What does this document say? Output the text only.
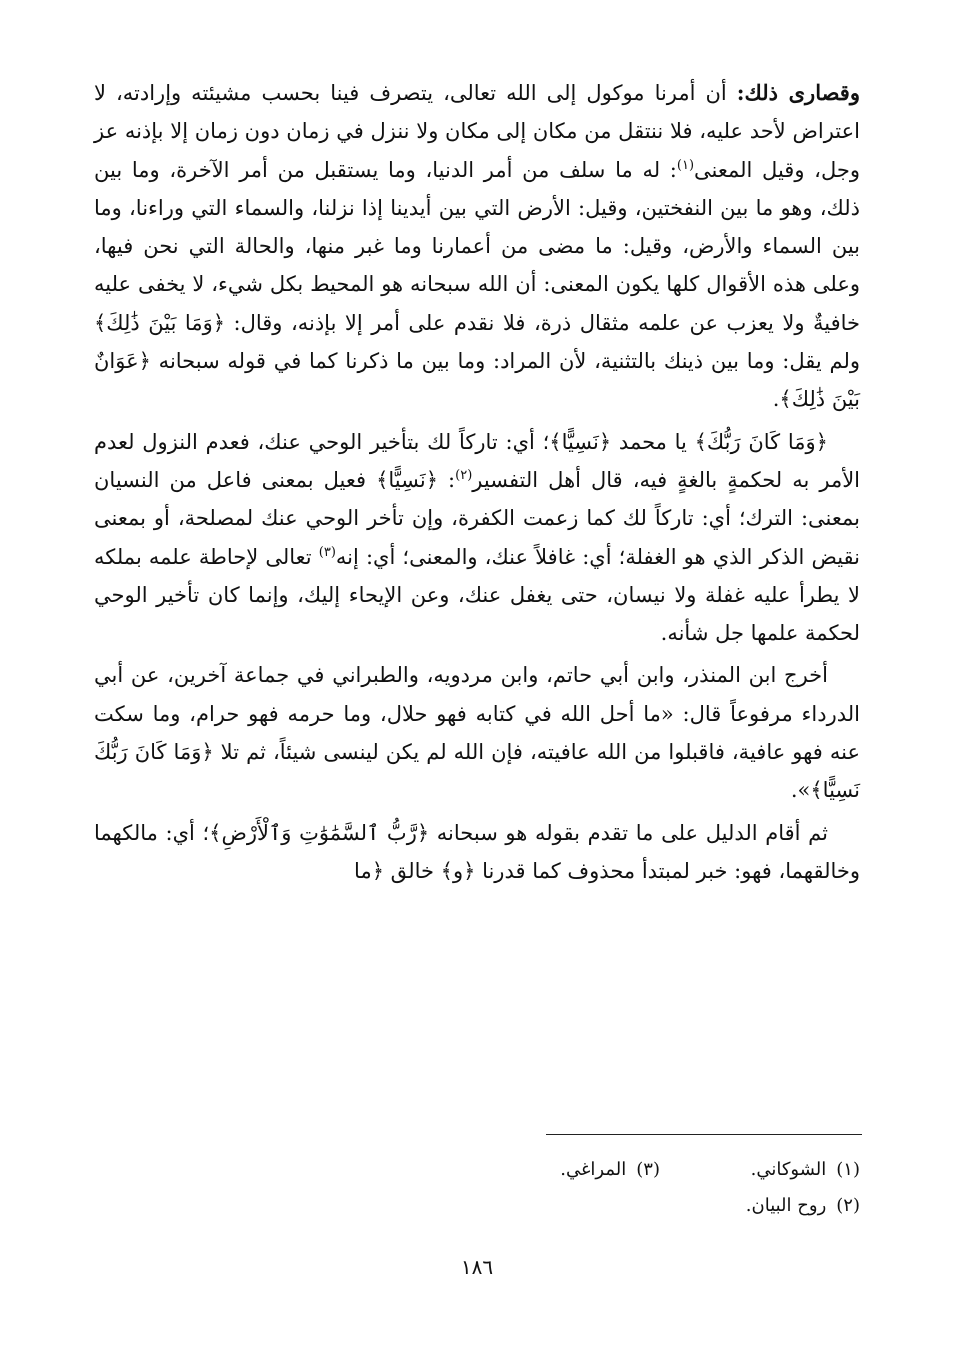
وقصارى ذلك: أن أمرنا موكول إلى الله تعالى، يتصرف فينا بحسب مشيئته وإرادته، لا اعتراض لأحد عليه، فلا ننتقل من مكان إلى مكان ولا ننزل في زمان دون زمان إلا بإذنه عز وجل، وقيل المعنى$^{(١)}$: له ما سلف من أمر الدنيا، وما يستقبل من أمر الآخرة، وما بين ذلك، وهو ما بين النفختين، وقيل: الأرض التي بين أيدينا إذا نزلنا، والسماء التي وراءنا، وما بين السماء والأرض، وقيل: ما مضى من أعمارنا وما غبر منها، والحالة التي نحن فيها، وعلى هذه الأقوال كلها يكون المعنى: أن الله سبحانه هو المحيط بكل شيء، لا يخفى عليه خافيةٌ ولا يعزب عن علمه مثقال ذرة، فلا نقدم على أمر إلا بإذنه، وقال: ﴿وَمَا بَيْنَ ذَٰلِكَ﴾ ولم يقل: وما بين ذينك بالتثنية، لأن المراد: وما بين ما ذكرنا كما في قوله سبحانه ﴿عَوَانٌ بَيْنَ ذَٰلِكَ﴾.

﴿وَمَا كَانَ رَبُّكَ﴾ يا محمد ﴿نَسِيًّا﴾؛ أي: تاركاً لك بتأخير الوحي عنك، فعدم النزول لعدم الأمر به لحكمةٍ بالغةٍ فيه، قال أهل التفسير$^{(٢)}$: ﴿نَسِيًّا﴾ فعيل بمعنى فاعل من النسيان بمعنى: الترك؛ أي: تاركاً لك كما زعمت الكفرة، وإن تأخر الوحي عنك لمصلحة، أو بمعنى نقيض الذكر الذي هو الغفلة؛ أي: غافلاً عنك، والمعنى؛ أي: إنه$^{(٣)}$ تعالى لإحاطة علمه بملكه لا يطرأ عليه غفلة ولا نيسان، حتى يغفل عنك، وعن الإيحاء إليك، وإنما كان تأخير الوحي لحكمة علمها جل شأنه.

أخرج ابن المنذر، وابن أبي حاتم، وابن مردويه، والطبراني في جماعة آخرين، عن أبي الدرداء مرفوعاً قال: «ما أحل الله في كتابه فهو حلال، وما حرمه فهو حرام، وما سكت عنه فهو عافية، فاقبلوا من الله عافيته، فإن الله لم يكن لينسى شيئاً، ثم تلا ﴿وَمَا كَانَ رَبُّكَ نَسِيًّا﴾».

ثم أقام الدليل على ما تقدم بقوله هو سبحانه ﴿رَّبُّ ٱلسَّمَٰوَٰتِ وَٱلْأَرْضِ﴾؛ أي: مالكهما وخالقهما، فهو: خبر لمبتدأ محذوف كما قدرنا ﴿و﴾ خالق ﴿ما

(١)الشوكاني.
(٣)المراغي.
(٢)روح البيان.
١٨٦
